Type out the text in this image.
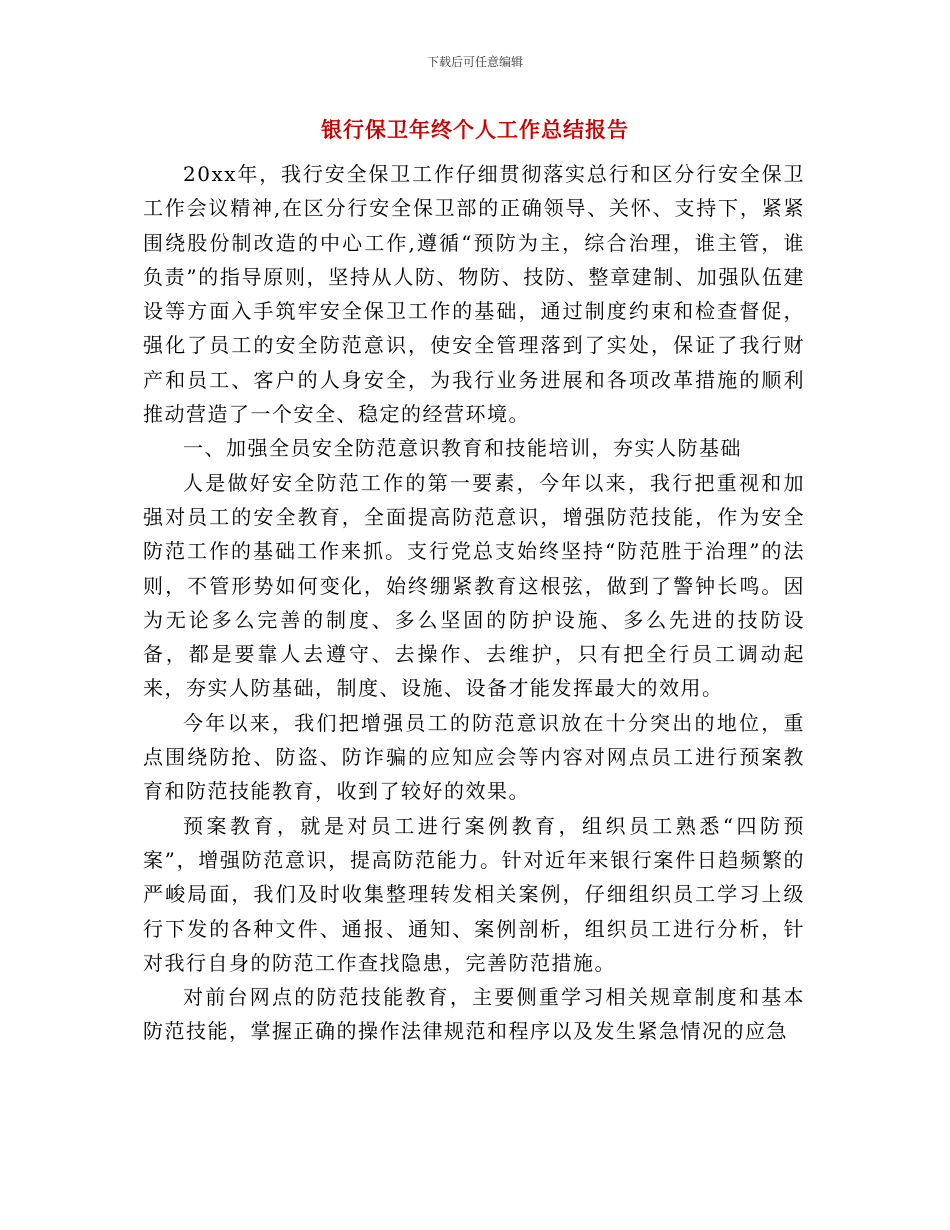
下载后可任意编辑
银行保卫年终个人工作总结报告

20xx年，我行安全保卫工作仔细贯彻落实总行和区分行安全保卫工作会议精神,在区分行安全保卫部的正确领导、关怀、支持下，紧紧围绕股份制改造的中心工作,遵循“预防为主，综合治理，谁主管，谁负责”的指导原则，坚持从人防、物防、技防、整章建制、加强队伍建设等方面入手筑牢安全保卫工作的基础，通过制度约束和检查督促，强化了员工的安全防范意识，使安全管理落到了实处，保证了我行财产和员工、客户的人身安全，为我行业务进展和各项改革措施的顺利推动营造了一个安全、稳定的经营环境。

一、加强全员安全防范意识教育和技能培训，夯实人防基础

人是做好安全防范工作的第一要素，今年以来，我行把重视和加强对员工的安全教育，全面提高防范意识，增强防范技能，作为安全防范工作的基础工作来抓。支行党总支始终坚持“防范胜于治理”的法则，不管形势如何变化，始终绷紧教育这根弦，做到了警钟长鸣。因为无论多么完善的制度、多么坚固的防护设施、多么先进的技防设备，都是要靠人去遵守、去操作、去维护，只有把全行员工调动起来，夯实人防基础，制度、设施、设备才能发挥最大的效用。

今年以来，我们把增强员工的防范意识放在十分突出的地位，重点围绕防抢、防盗、防诈骗的应知应会等内容对网点员工进行预案教育和防范技能教育，收到了较好的效果。

预案教育，就是对员工进行案例教育，组织员工熟悉“四防预案”，增强防范意识，提高防范能力。针对近年来银行案件日趋频繁的严峻局面，我们及时收集整理转发相关案例，仔细组织员工学习上级行下发的各种文件、通报、通知、案例剖析，组织员工进行分析，针对我行自身的防范工作查找隐患，完善防范措施。

对前台网点的防范技能教育，主要侧重学习相关规章制度和基本防范技能，掌握正确的操作法律规范和程序以及发生紧急情况的应急
